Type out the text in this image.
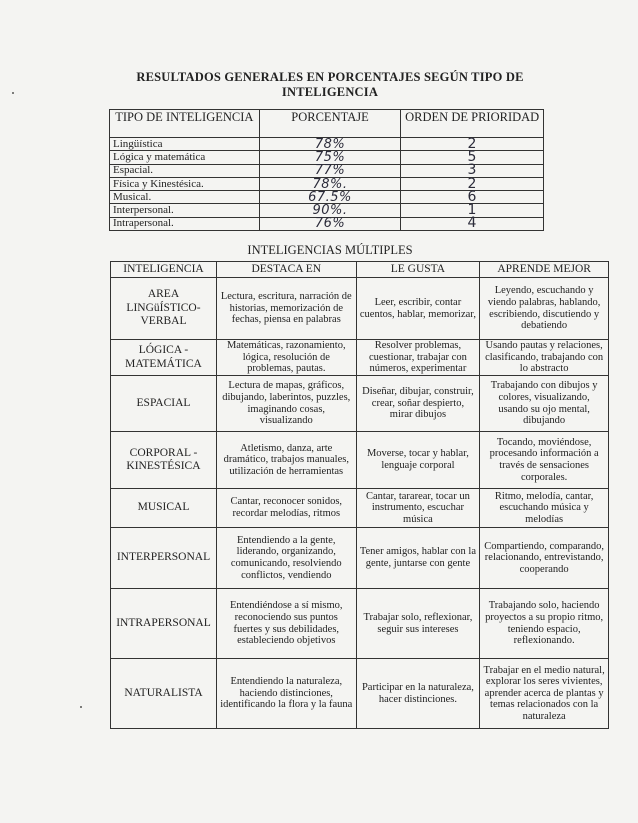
RESULTADOS GENERALES EN PORCENTAJES SEGÚN TIPO DE INTELIGENCIA
TIPO DE INTELIGENCIA	PORCENTAJE	ORDEN DE PRIORIDAD
Lingüística	78%	2
Lógica y matemática	75%	5
Espacial.	77%	3
Física y Kinestésica.	78%.	2
Musical.	67.5%	6
Interpersonal.	90%.	1
Intrapersonal.	76%	4
INTELIGENCIAS MÚLTIPLES
INTELIGENCIA	DESTACA EN	LE GUSTA	APRENDE MEJOR
AREA LINGüÍSTICO-VERBAL	Lectura, escritura, narración de historias, memorización de fechas, piensa en palabras	Leer, escribir, contar cuentos, hablar, memorizar,	Leyendo, escuchando y viendo palabras, hablando, escribiendo, discutiendo y debatiendo
LÓGICA - MATEMÁTICA	Matemáticas, razonamiento, lógica, resolución de problemas, pautas.	Resolver problemas, cuestionar, trabajar con números, experimentar	Usando pautas y relaciones, clasificando, trabajando con lo abstracto
ESPACIAL	Lectura de mapas, gráficos, dibujando, laberintos, puzzles, imaginando cosas, visualizando	Diseñar, dibujar, construir, crear, soñar despierto, mirar dibujos	Trabajando con dibujos y colores, visualizando, usando su ojo mental, dibujando
CORPORAL - KINESTÉSICA	Atletismo, danza, arte dramático, trabajos manuales, utilización de herramientas	Moverse, tocar y hablar, lenguaje corporal	Tocando, moviéndose, procesando información a través de sensaciones corporales.
MUSICAL	Cantar, reconocer sonidos, recordar melodías, ritmos	Cantar, tararear, tocar un instrumento, escuchar música	Ritmo, melodía, cantar, escuchando música y melodías
INTERPERSONAL	Entendiendo a la gente, liderando, organizando, comunicando, resolviendo conflictos, vendiendo	Tener amigos, hablar con la gente, juntarse con gente	Compartiendo, comparando, relacionando, entrevistando, cooperando
INTRAPERSONAL	Entendiéndose a sí mismo, reconociendo sus puntos fuertes y sus debilidades, estableciendo objetivos	Trabajar solo, reflexionar, seguir sus intereses	Trabajando solo, haciendo proyectos a su propio ritmo, teniendo espacio, reflexionando.
NATURALISTA	Entendiendo la naturaleza, haciendo distinciones, identificando la flora y la fauna	Participar en la naturaleza, hacer distinciones.	Trabajar en el medio natural, explorar los seres vivientes, aprender acerca de plantas y temas relacionados con la naturaleza
